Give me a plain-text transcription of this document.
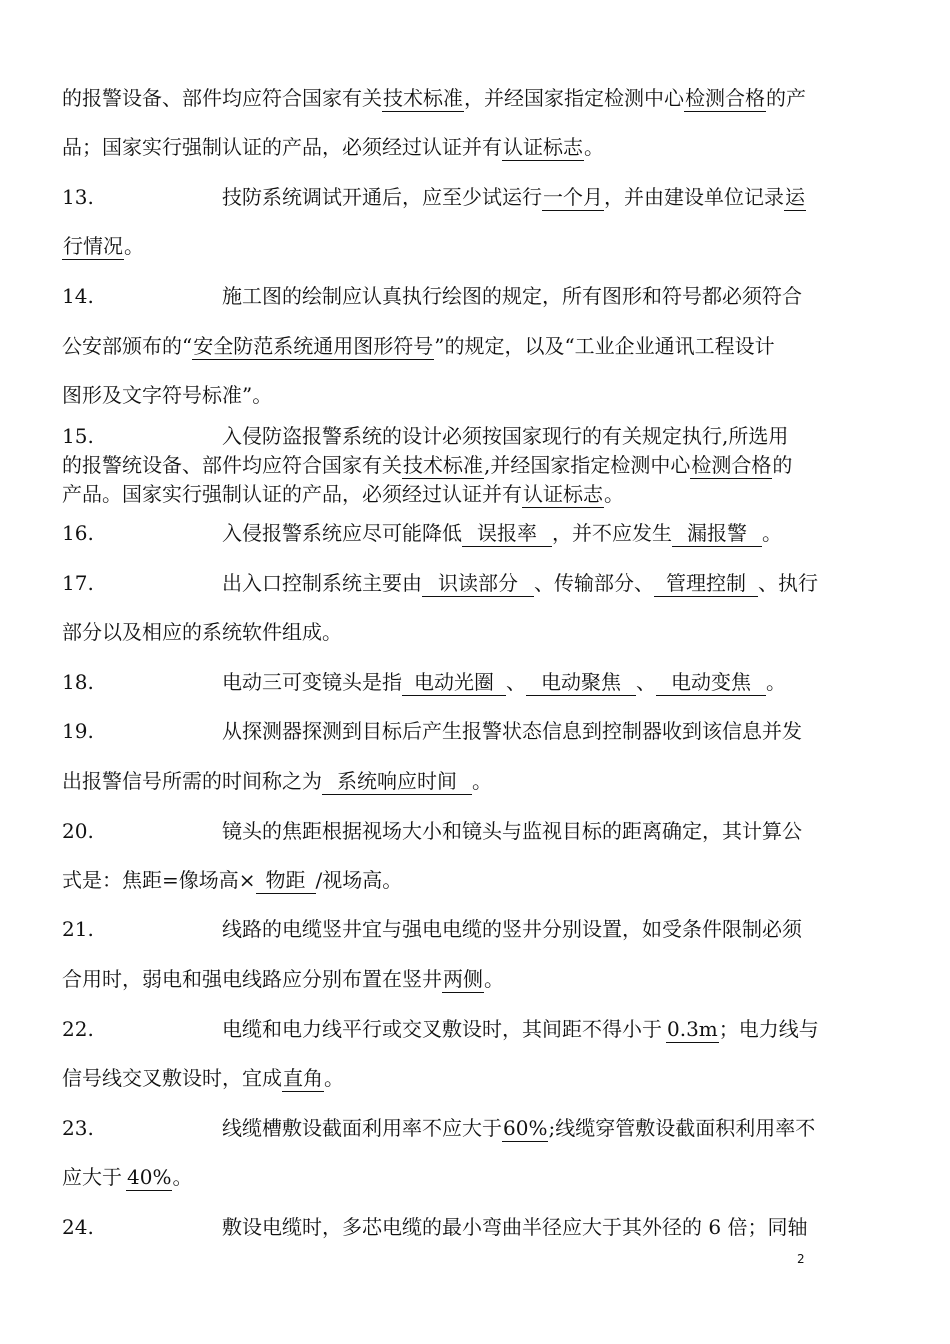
的报警设备、部件均应符合国家有关技术标准，并经国家指定检测中心检测合格的产
品；国家实行强制认证的产品，必须经过认证并有认证标志。
13.	技防系统调试开通后，应至少试运行一个月，并由建设单位记录运
行情况。
14.	施工图的绘制应认真执行绘图的规定，所有图形和符号都必须符合
公安部颁布的“安全防范系统通用图形符号”的规定，以及“工业企业通讯工程设计
图形及文字符号标准”。
15.	入侵防盗报警系统的设计必须按国家现行的有关规定执行,所选用
的报警统设备、部件均应符合国家有关技术标准,并经国家指定检测中心检测合格的
产品。国家实行强制认证的产品，必须经过认证并有认证标志。
16.	入侵报警系统应尽可能降低 误报率 ，并不应发生 漏报警 。
17.	出入口控制系统主要由 识读部分 、传输部分、 管理控制 、执行
部分以及相应的系统软件组成。
18.	电动三可变镜头是指 电动光圈 、 电动聚焦 、 电动变焦 。
19.	从探测器探测到目标后产生报警状态信息到控制器收到该信息并发
出报警信号所需的时间称之为 系统响应时间 。
20.	镜头的焦距根据视场大小和镜头与监视目标的距离确定，其计算公
式是：焦距=像场高× 物距 /视场高。
21.	线路的电缆竖井宜与强电电缆的竖井分别设置，如受条件限制必须
合用时，弱电和强电线路应分别布置在竖井两侧。
22.	电缆和电力线平行或交叉敷设时，其间距不得小于 0.3m；电力线与
信号线交叉敷设时，宜成直角。
23.	线缆槽敷设截面利用率不应大于60%;线缆穿管敷设截面积利用率不
应大于 40%。
24.	敷设电缆时，多芯电缆的最小弯曲半径应大于其外径的 6 倍；同轴
2
